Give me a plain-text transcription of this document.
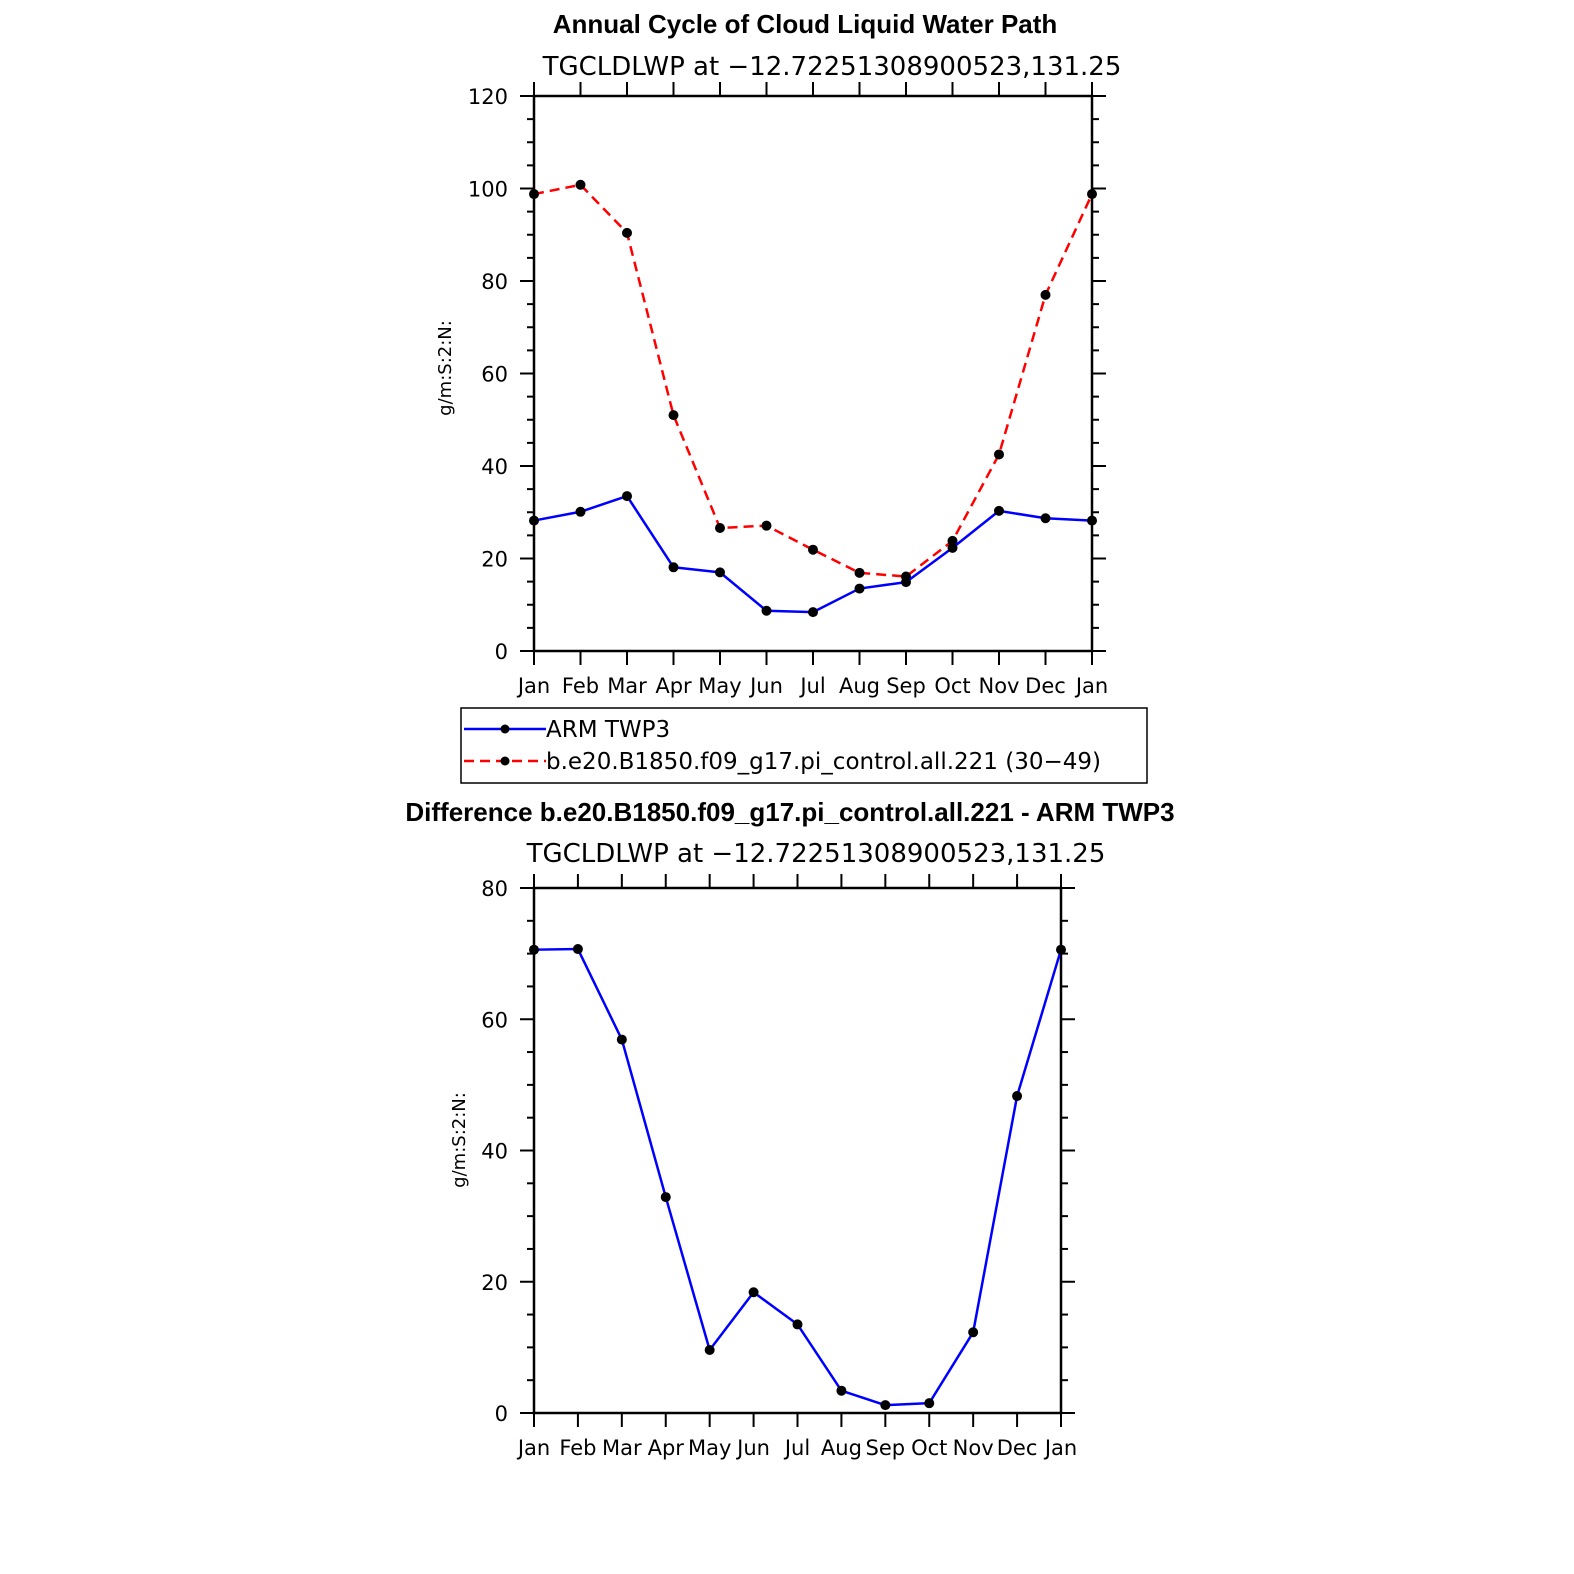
Annual Cycle of Cloud Liquid Water Path
TGCLDLWP at −12.72251308900523,131.25
g/m:S:2:N:
0
20
40
60
80
100
120
Jan Feb Mar Apr May Jun Jul Aug Sep Oct Nov Dec Jan
ARM TWP3
b.e20.B1850.f09_g17.pi_control.all.221 (30−49)
Difference b.e20.B1850.f09_g17.pi_control.all.221 - ARM TWP3
TGCLDLWP at −12.72251308900523,131.25
g/m:S:2:N:
0
20
40
60
80
Jan Feb Mar Apr May Jun Jul Aug Sep Oct Nov Dec Jan
